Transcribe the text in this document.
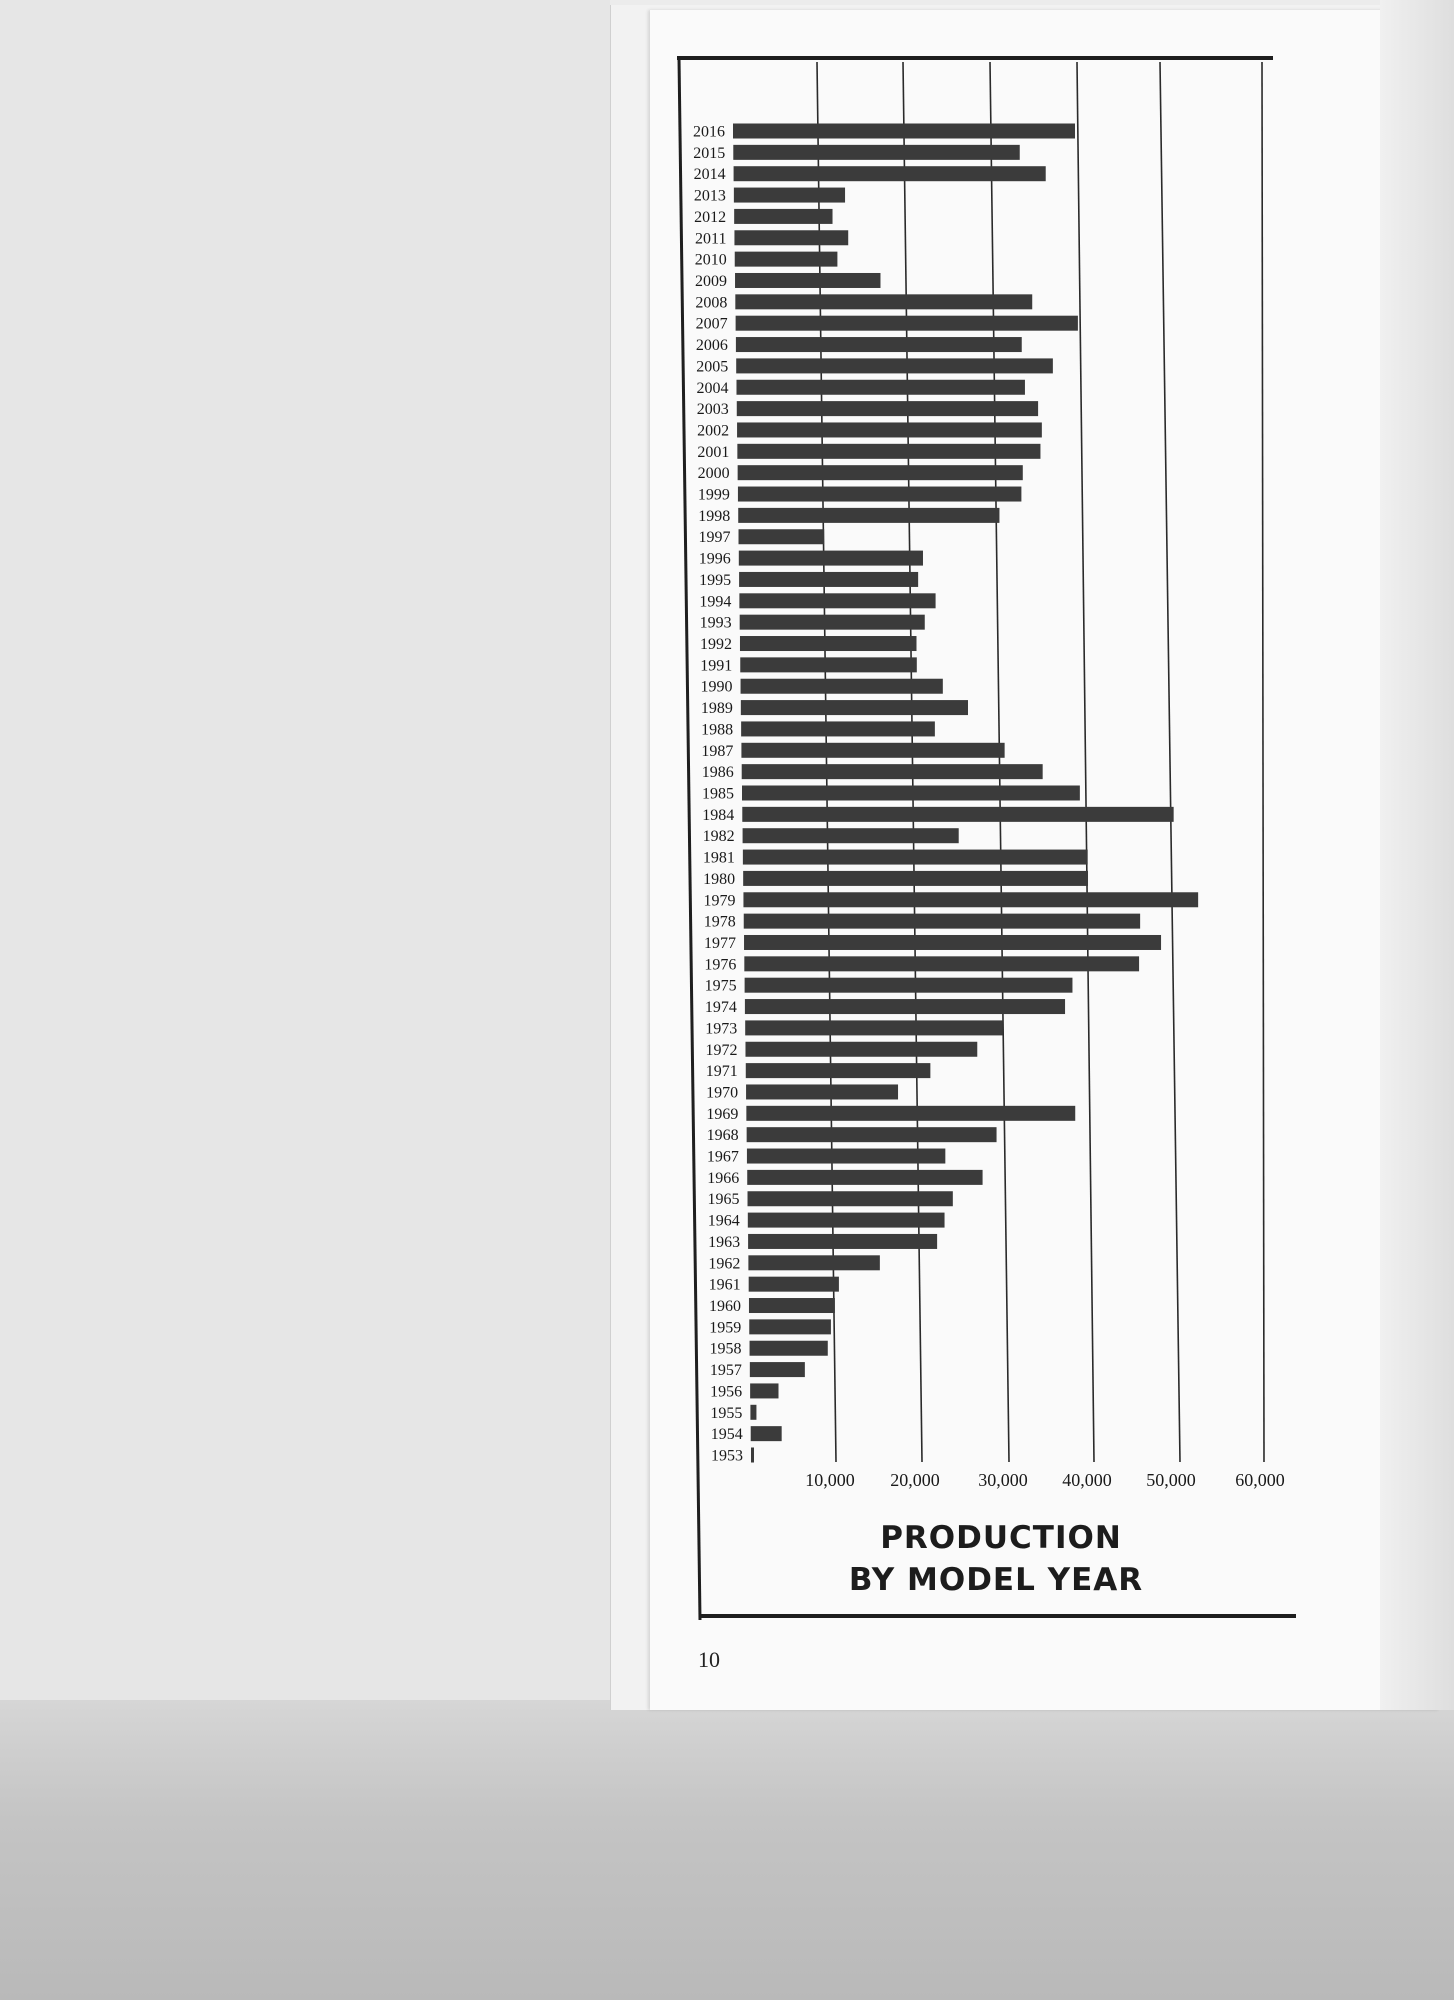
2016
2015
2014
2013
2012
2011
2010
2009
2008
2007
2006
2005
2004
2003
2002
2001
2000
1999
1998
1997
1996
1995
1994
1993
1992
1991
1990
1989
1988
1987
1986
1985
1984
1982
1981
1980
1979
1978
1977
1976
1975
1974
1973
1972
1971
1970
1969
1968
1967
1966
1965
1964
1963
1962
1961
1960
1959
1958
1957
1956
1955
1954
1953
10,000 20,000 30,000 40,000 50,000 60,000
PRODUCTION
BY MODEL YEAR
10
